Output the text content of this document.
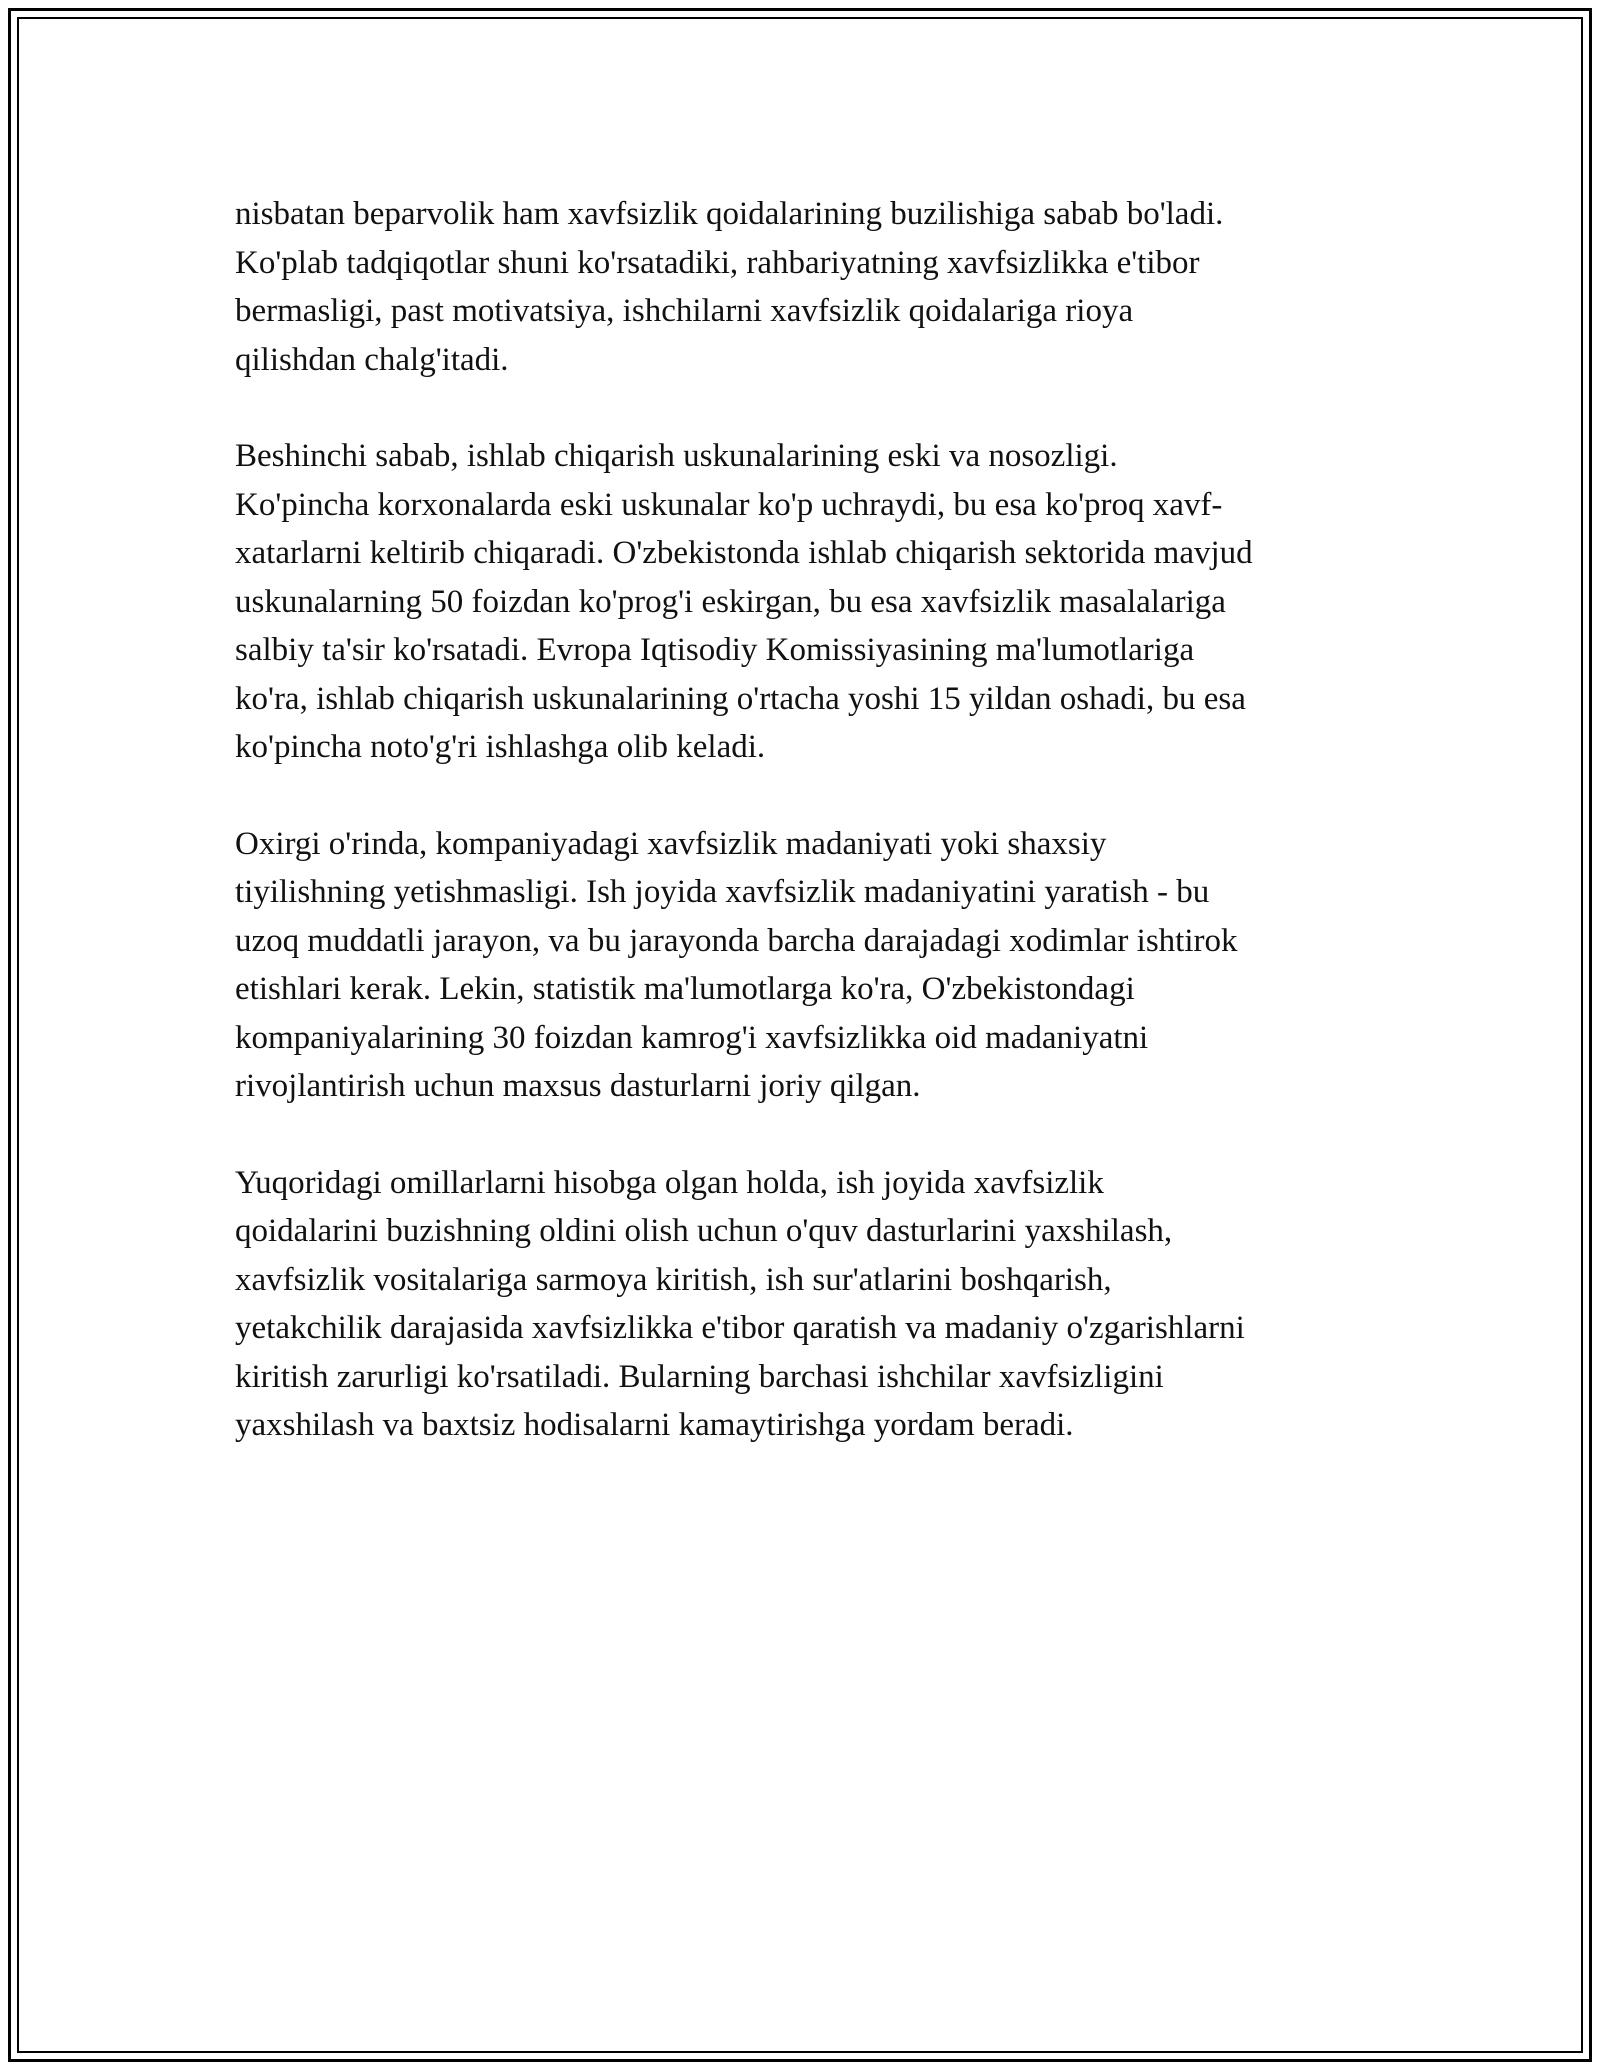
nisbatan beparvolik ham xavfsizlik qoidalarining buzilishiga sabab bo'ladi.
Ko'plab tadqiqotlar shuni ko'rsatadiki, rahbariyatning xavfsizlikka e'tibor
bermasligi, past motivatsiya, ishchilarni xavfsizlik qoidalariga rioya
qilishdan chalg'itadi.

Beshinchi sabab, ishlab chiqarish uskunalarining eski va nosozligi.
Ko'pincha korxonalarda eski uskunalar ko'p uchraydi, bu esa ko'proq xavf-
xatarlarni keltirib chiqaradi. O'zbekistonda ishlab chiqarish sektorida mavjud
uskunalarning 50 foizdan ko'prog'i eskirgan, bu esa xavfsizlik masalalariga
salbiy ta'sir ko'rsatadi. Evropa Iqtisodiy Komissiyasining ma'lumotlariga
ko'ra, ishlab chiqarish uskunalarining o'rtacha yoshi 15 yildan oshadi, bu esa
ko'pincha noto'g'ri ishlashga olib keladi.

Oxirgi o'rinda, kompaniyadagi xavfsizlik madaniyati yoki shaxsiy
tiyilishning yetishmasligi. Ish joyida xavfsizlik madaniyatini yaratish - bu
uzoq muddatli jarayon, va bu jarayonda barcha darajadagi xodimlar ishtirok
etishlari kerak. Lekin, statistik ma'lumotlarga ko'ra, O'zbekistondagi
kompaniyalarining 30 foizdan kamrog'i xavfsizlikka oid madaniyatni
rivojlantirish uchun maxsus dasturlarni joriy qilgan.

Yuqoridagi omillarlarni hisobga olgan holda, ish joyida xavfsizlik
qoidalarini buzishning oldini olish uchun o'quv dasturlarini yaxshilash,
xavfsizlik vositalariga sarmoya kiritish, ish sur'atlarini boshqarish,
yetakchilik darajasida xavfsizlikka e'tibor qaratish va madaniy o'zgarishlarni
kiritish zarurligi ko'rsatiladi. Bularning barchasi ishchilar xavfsizligini
yaxshilash va baxtsiz hodisalarni kamaytirishga yordam beradi.
